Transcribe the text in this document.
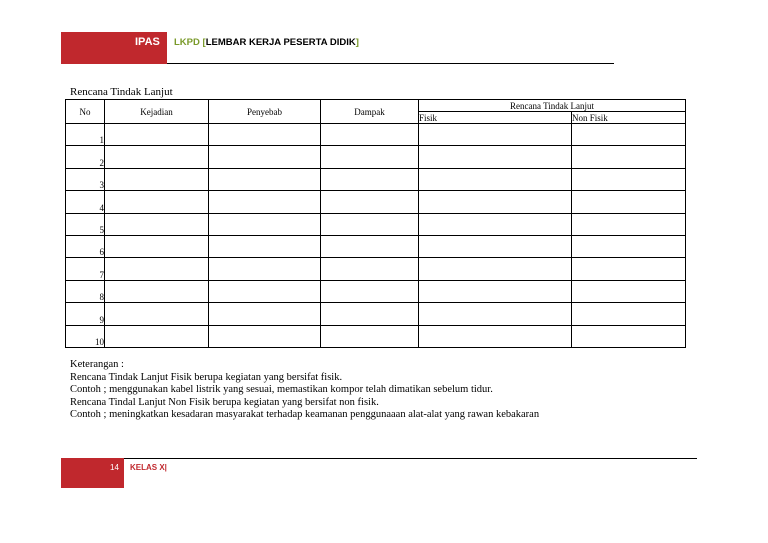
IPAS LKPD [LEMBAR KERJA PESERTA DIDIK]
Rencana Tindak Lanjut
No	Kejadian	Penyebab	Dampak	Rencana Tindak Lanjut	
				Fisik	Non Fisik
1					
2					
3					
4					
5					
6					
7					
8					
9					
10					
Keterangan :
Rencana Tindak Lanjut Fisik berupa kegiatan yang bersifat fisik.
Contoh ; menggunakan kabel listrik yang sesuai, memastikan kompor telah dimatikan sebelum tidur.
Rencana Tindal Lanjut Non Fisik berupa kegiatan yang bersifat non fisik.
Contoh ; meningkatkan kesadaran masyarakat terhadap keamanan penggunaaan alat-alat yang rawan kebakaran
14 KELAS X|
